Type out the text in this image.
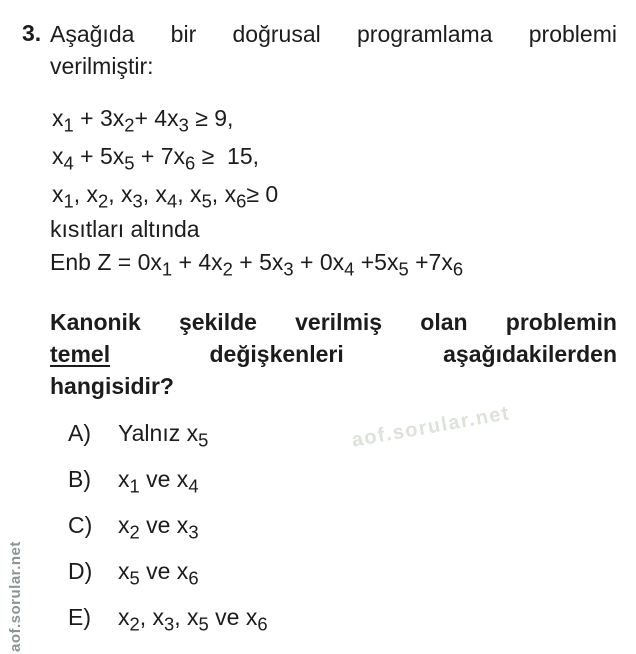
3. Aşağıda bir doğrusal programlama problemi
verilmiştir:
$x_1 + 3x_2+ 4x_3 \ge 9$,
$x_4 + 5x_5 + 7x_6 \ge 15$,
$x_1$, $x_2$, $x_3$, $x_4$, $x_5$, $x_6\ge 0$
kısıtları altında
Enb $Z = 0x_1 + 4x_2 + 5x_3 + 0x_4 +5x_5 +7x_6$
Kanonik şekilde verilmiş olan problemin
temel	değişkenleri	aşağıdakilerden
hangisidir?
A)	Yalnız $x_5$
B)	$x_1$ ve $x_4$
C)	$x_2$ ve $x_3$
D)	$x_5$ ve $x_6$
E)	$x_2$, $x_3$, $x_5$ ve $x_6$
aof.sorular.net
aof.sorular.net
